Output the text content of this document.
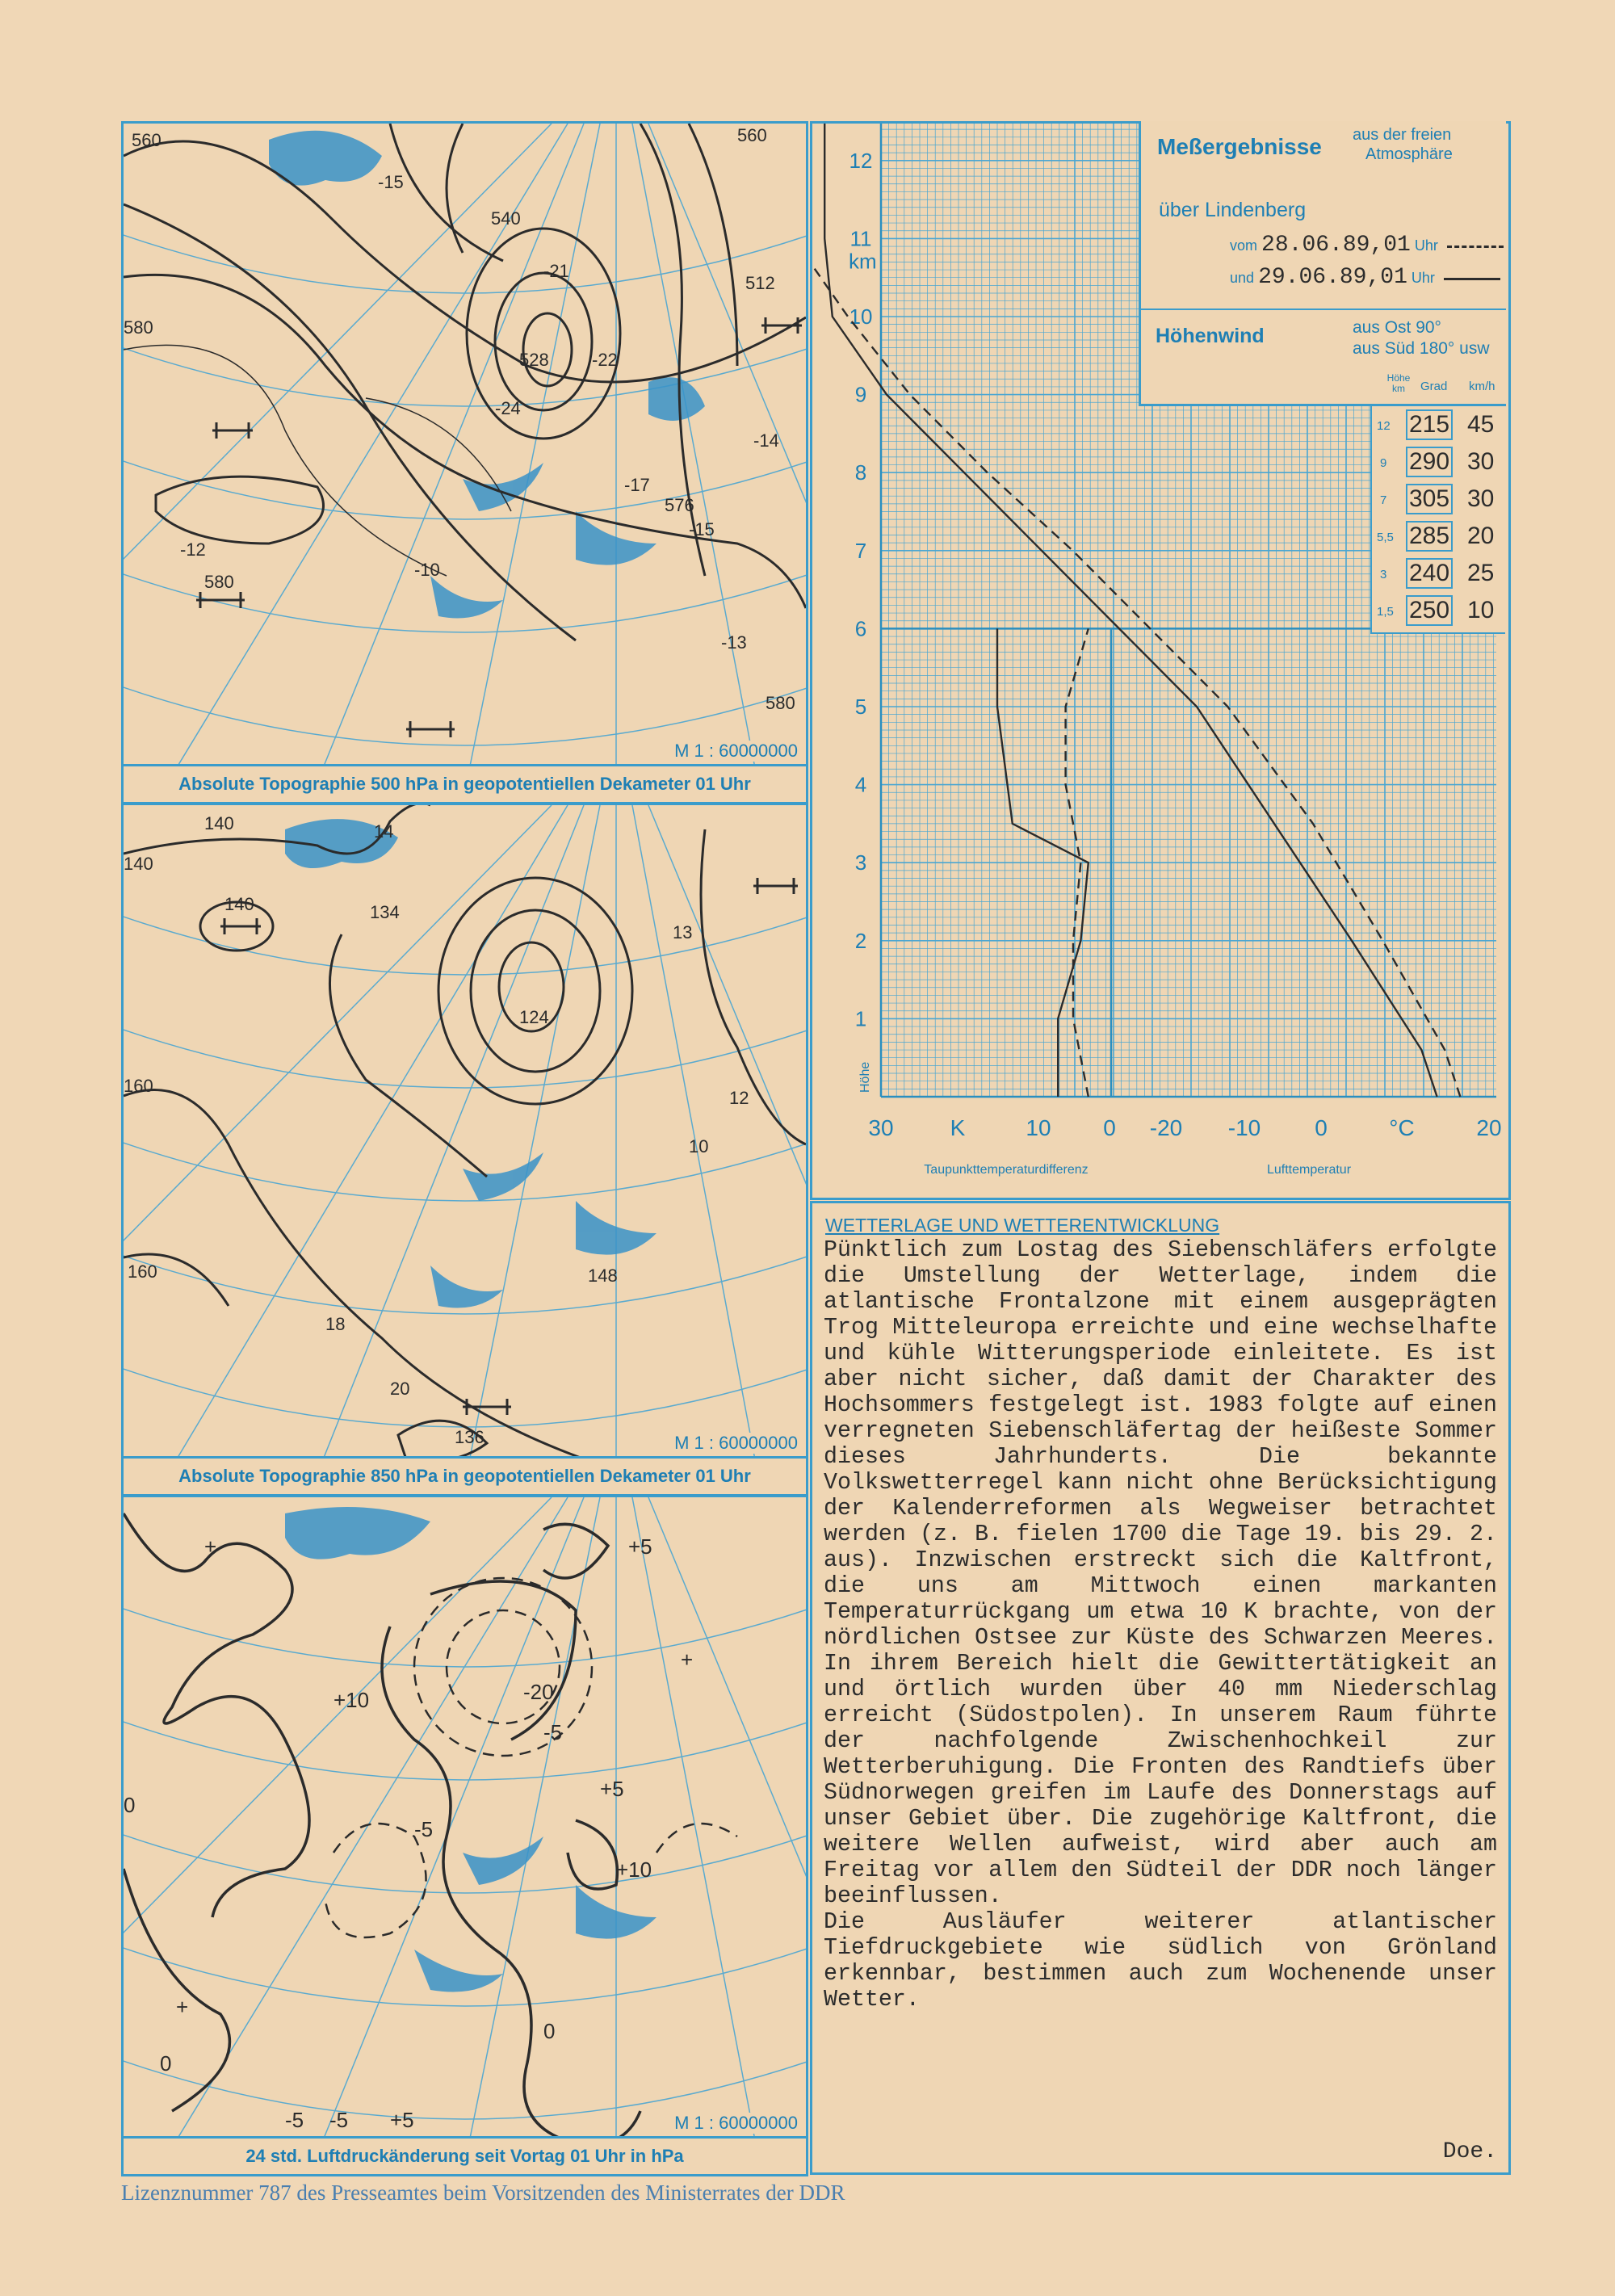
560	560
580
540
528
512
580
580
576
-21
-22
-24
-15
-17
-12
-10
-13
-14
-15
M 1 : 60000000
Absolute Topographie 500 hPa in geopotentiellen Dekameter 01 Uhr
140
140
140	134
124
160
160	148
136
14
13
12
18
20
10
M 1 : 60000000
Absolute Topographie 850 hPa in geopotentiellen Dekameter 01 Uhr
+
+
+5
+10	-20
-5
-5
+5
+10
0
0
0
-5 -5 +5
+
M 1 : 60000000
24 std. Luftdruckänderung seit Vortag 01 Uhr in hPa
1
2
3
4
5
6
7
8
9
10
11
12
km
Höhe
30	K	10 0 -20 -10 0	°C	20
Taupunkttemperaturdifferenz	Lufttemperatur
Meßergebnisse aus der freien
Atmosphäre
über Lindenberg
vom 28.06.89,01 Uhr
und 29.06.89,01 Uhr
Höhenwind	aus Ost 90°
aus Süd 180° usw
Höhe km	Grad km/h
12 215 45
9 290 30
7 305 30
5,5 285 20
3 240 25
1,5 250 10
WETTERLAGE UND WETTERENTWICKLUNG
Pünktlich zum Lostag des Siebenschläfers erfolgte die Umstellung der Wetterlage, indem die atlantische Frontalzone mit einem ausgeprägten Trog Mitteleuropa erreichte und eine wechselhafte und kühle Witterungsperiode einleitete. Es ist aber nicht sicher, daß damit der Charakter des Hochsommers festgelegt ist. 1983 folgte auf einen verregneten Siebenschläfertag der heißeste Sommer dieses Jahrhunderts. Die bekannte Volkswetterregel kann nicht ohne Berücksichtigung der Kalenderreformen als Wegweiser betrachtet werden (z. B. fielen 1700 die Tage 19. bis 29. 2. aus). Inzwischen erstreckt sich die Kaltfront, die uns am Mittwoch einen markanten Temperaturrückgang um etwa 10 K brachte, von der nördlichen Ostsee zur Küste des Schwarzen Meeres. In ihrem Bereich hielt die Gewittertätigkeit an und örtlich wurden über 40 mm Niederschlag erreicht (Südostpolen). In unserem Raum führte der nachfolgende Zwischenhochkeil zur Wetterberuhigung. Die Fronten des Randtiefs über Südnorwegen greifen im Laufe des Donnerstags auf unser Gebiet über. Die zugehörige Kaltfront, die weitere Wellen aufweist, wird aber auch am Freitag vor allem den Südteil der DDR noch länger beeinflussen.
Die Ausläufer weiterer atlantischer Tiefdruckgebiete wie südlich von Grönland erkennbar, bestimmen auch zum Wochenende unser Wetter.
Doe.
Lizenznummer 787 des Presseamtes beim Vorsitzenden des Ministerrates der DDR
